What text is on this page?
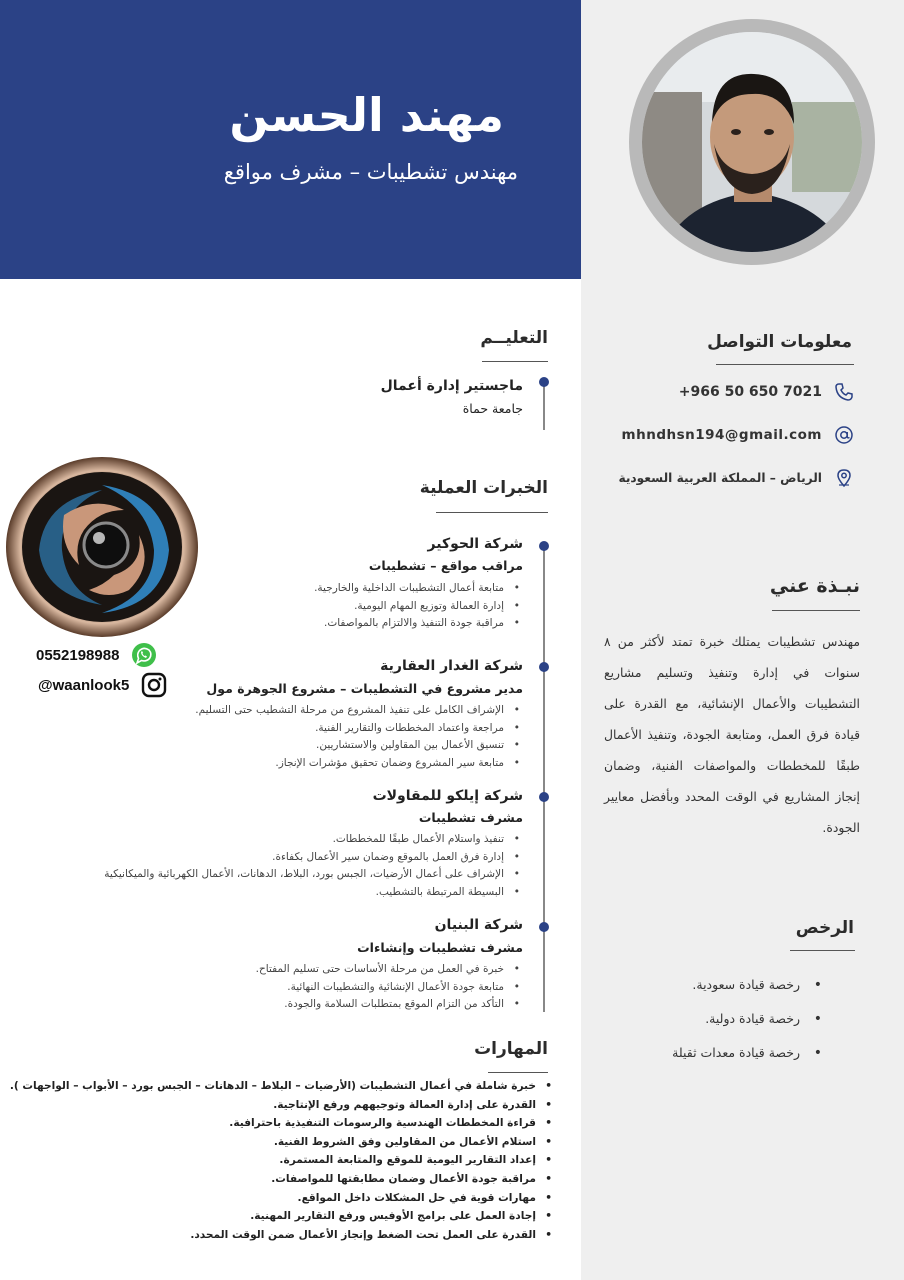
مهند الحسن
مهندس تشطيبات – مشرف مواقع
معلومات التواصل
+966 50 650 7021
mhndhsn194@gmail.com
الرياض – المملكة العربية السعودية
نبـذة عني
مهندس تشطيبات يمتلك خبرة تمتد لأكثر من ٨ سنوات في إدارة وتنفيذ وتسليم مشاريع التشطيبات والأعمال الإنشائية، مع القدرة على قيادة فرق العمل، ومتابعة الجودة، وتنفيذ الأعمال طبقًا للمخططات والمواصفات الفنية، وضمان إنجاز المشاريع في الوقت المحدد وبأفضل معايير الجودة.
الرخص
• رخصة قيادة سعودية.
• رخصة قيادة دولية.
• رخصة قيادة معدات ثقيلة
التعليــم
ماجستير إدارة أعمال
جامعة حماة
الخبرات العملية
شركة الحوكير
مراقب مواقع – تشطيبات
• متابعة أعمال التشطيبات الداخلية والخارجية.
• إدارة العمالة وتوزيع المهام اليومية.
• مراقبة جودة التنفيذ والالتزام بالمواصفات.
شركة الغدار العقارية
مدير مشروع في التشطيبات – مشروع الجوهرة مول
• الإشراف الكامل على تنفيذ المشروع من مرحلة التشطيب حتى التسليم.
• مراجعة واعتماد المخططات والتقارير الفنية.
• تنسيق الأعمال بين المقاولين والاستشاريين.
• متابعة سير المشروع وضمان تحقيق مؤشرات الإنجاز.
شركة إيلكو للمقاولات
مشرف تشطيبات
• تنفيذ واستلام الأعمال طبقًا للمخططات.
• إدارة فرق العمل بالموقع وضمان سير الأعمال بكفاءة.
• الإشراف على أعمال الأرضيات، الجبس بورد، البلاط، الدهانات، الأعمال الكهربائية والميكانيكية
• البسيطة المرتبطة بالتشطيب.
شركة البنيان
مشرف تشطيبات وإنشاءات
• خبرة في العمل من مرحلة الأساسات حتى تسليم المفتاح.
• متابعة جودة الأعمال الإنشائية والتشطيبات النهائية.
• التأكد من التزام الموقع بمتطلبات السلامة والجودة.
المهارات
• خبرة شاملة في أعمال التشطيبات (الأرضيات – البلاط – الدهانات – الجبس بورد – الأبواب – الواجهات ).
• القدرة على إدارة العمالة وتوجيههم ورفع الإنتاجية.
• قراءة المخططات الهندسية والرسومات التنفيذية باحترافية.
• استلام الأعمال من المقاولين وفق الشروط الفنية.
• إعداد التقارير اليومية للموقع والمتابعة المستمرة.
• مراقبة جودة الأعمال وضمان مطابقتها للمواصفات.
• مهارات قوية في حل المشكلات داخل المواقع.
• إجادة العمل على برامج الأوفيس ورفع التقارير المهنية.
• القدرة على العمل تحت الضغط وإنجاز الأعمال ضمن الوقت المحدد.
0552198988
@waanlook5
